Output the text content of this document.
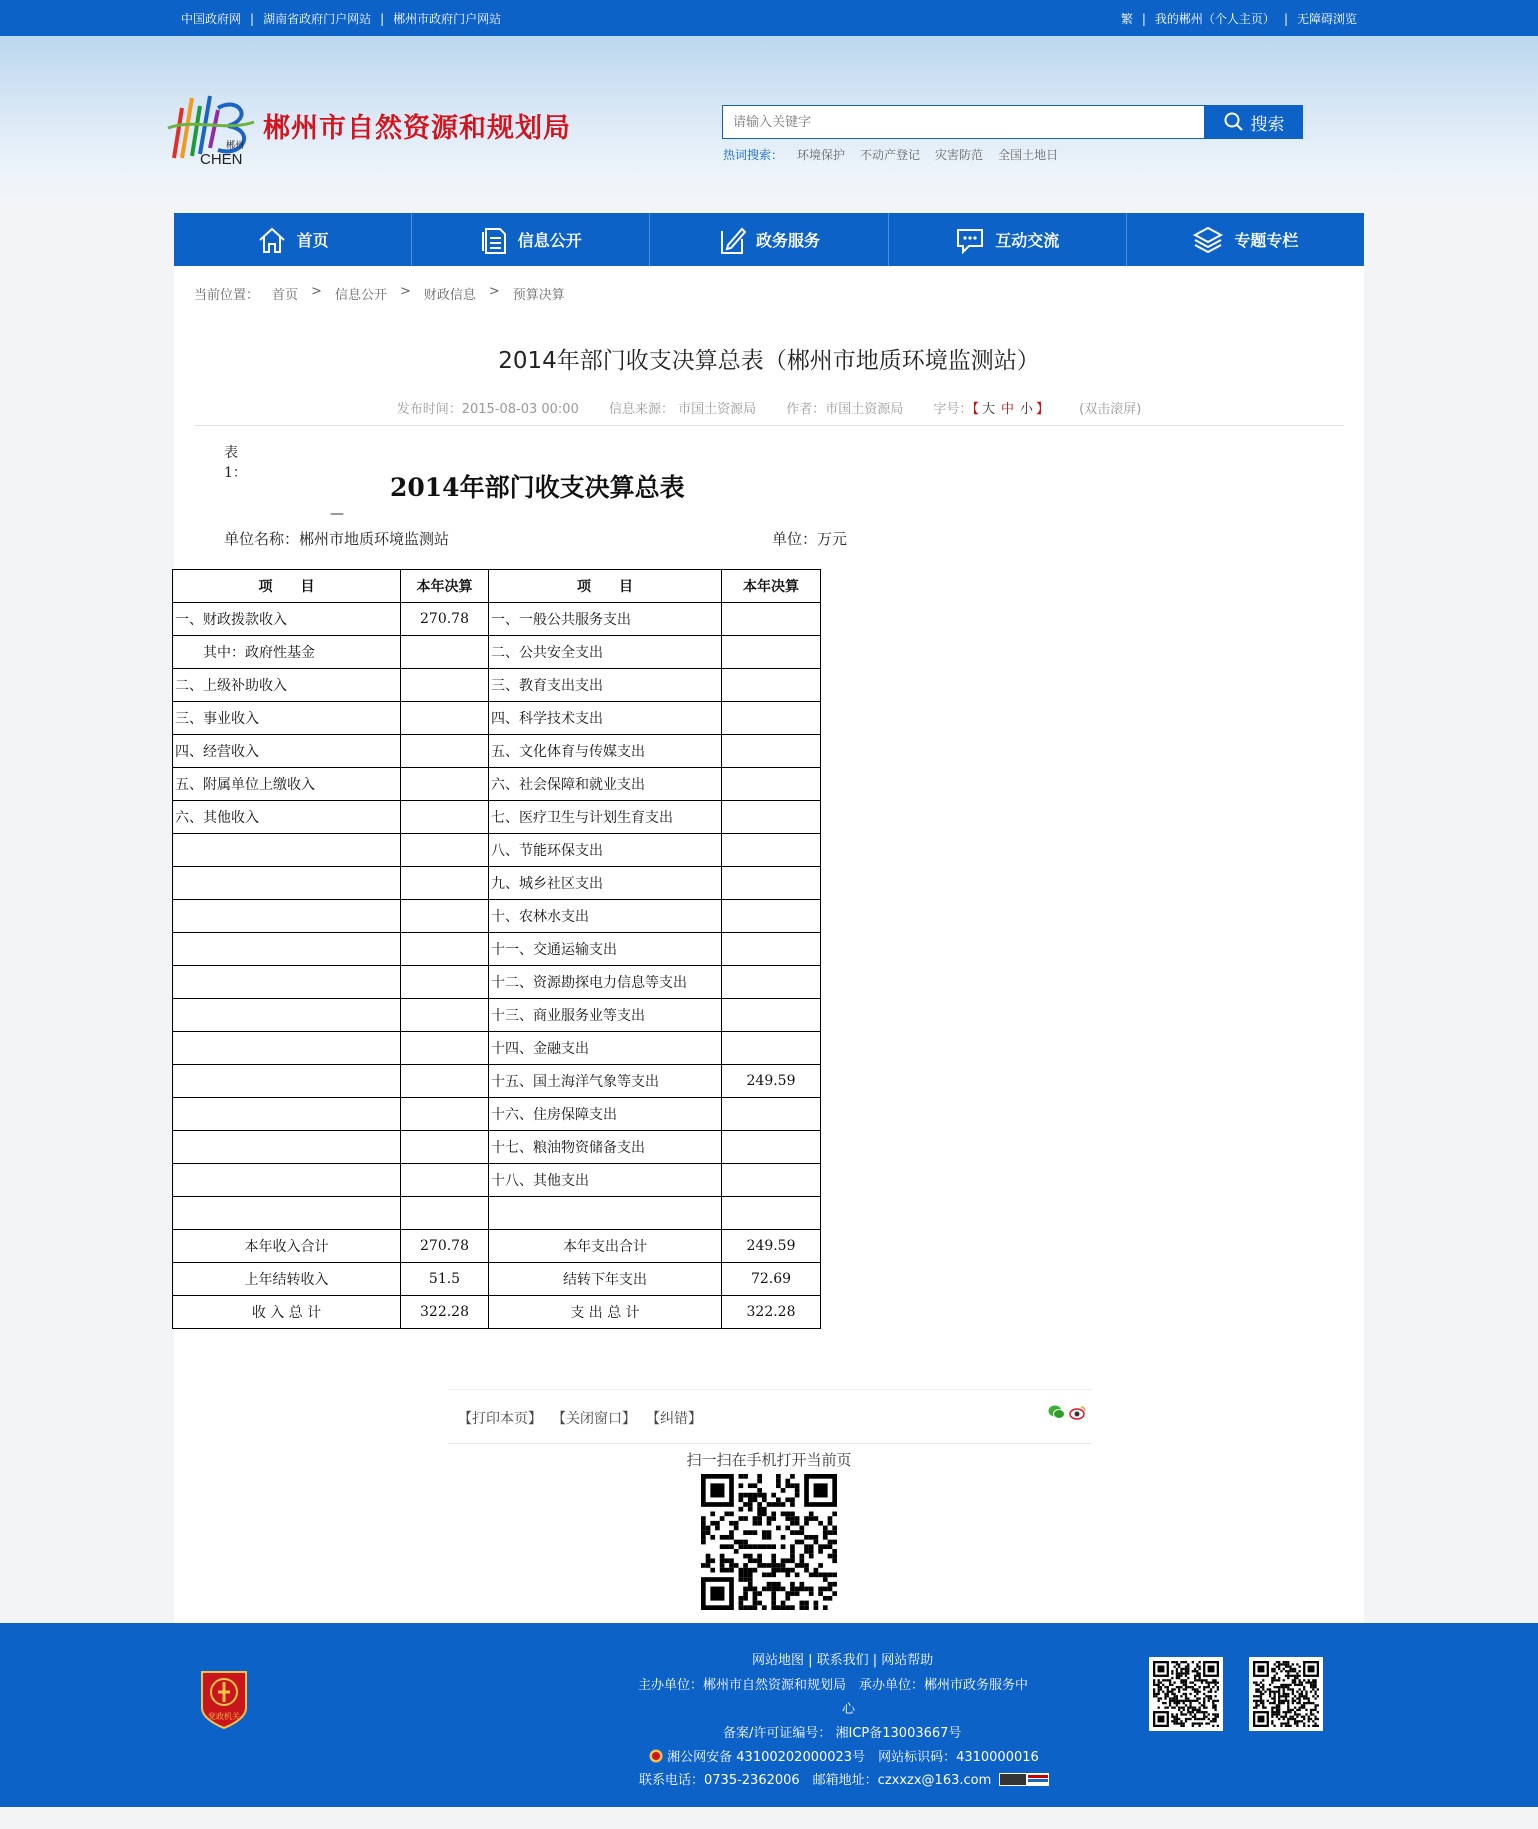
中国政府网 | 湖南省政府门户网站 | 郴州市政府门户网站	繁 | 我的郴州（个人主页） | 无障碍浏览
CHEN
郴州
郴州市自然资源和规划局
请输入关键字	搜索
热词搜索： 环境保护 不动产登记 灾害防范 全国土地日
首页	信息公开	政务服务	互动交流	专题专栏
当前位置： 首页 > 信息公开 > 财政信息 > 预算决算
2014年部门收支决算总表（郴州市地质环境监测站）
发布时间：2015-08-03 00:00 信息来源： 市国土资源局 作者：市国土资源局 字号：【 大 中 小 】 (双击滚屏)
表1：	2014年部门收支决算总表
—
单位名称：郴州市地质环境监测站	单位：万元
项　　目	本年决算	项　　目	本年决算
一、财政拨款收入	270.78	一、一般公共服务支出	
　　其中：政府性基金		二、公共安全支出	
二、上级补助收入		三、教育支出支出	
三、事业收入		四、科学技术支出	
四、经营收入		五、文化体育与传媒支出	
五、附属单位上缴收入		六、社会保障和就业支出	
六、其他收入		七、医疗卫生与计划生育支出	
		八、节能环保支出	
		九、城乡社区支出	
		十、农林水支出	
		十一、交通运输支出	
		十二、资源勘探电力信息等支出	
		十三、商业服务业等支出	
		十四、金融支出	
		十五、国土海洋气象等支出	249.59
		十六、住房保障支出	
		十七、粮油物资储备支出	
		十八、其他支出	

本年收入合计	270.78	本年支出合计	249.59
上年结转收入	51.5	结转下年支出	72.69
收 入 总 计	322.28	支 出 总 计	322.28
【打印本页】 【关闭窗口】 【纠错】
扫一扫在手机打开当前页
党政机关
网站地图 | 联系我们 | 网站帮助
主办单位：郴州市自然资源和规划局　承办单位：郴州市政务服务中
心
备案/许可证编号： 湘ICP备13003667号
湘公网安备 43100202000023号　网站标识码：4310000016
联系电话：0735-2362006　邮箱地址：czxxzx@163.com
